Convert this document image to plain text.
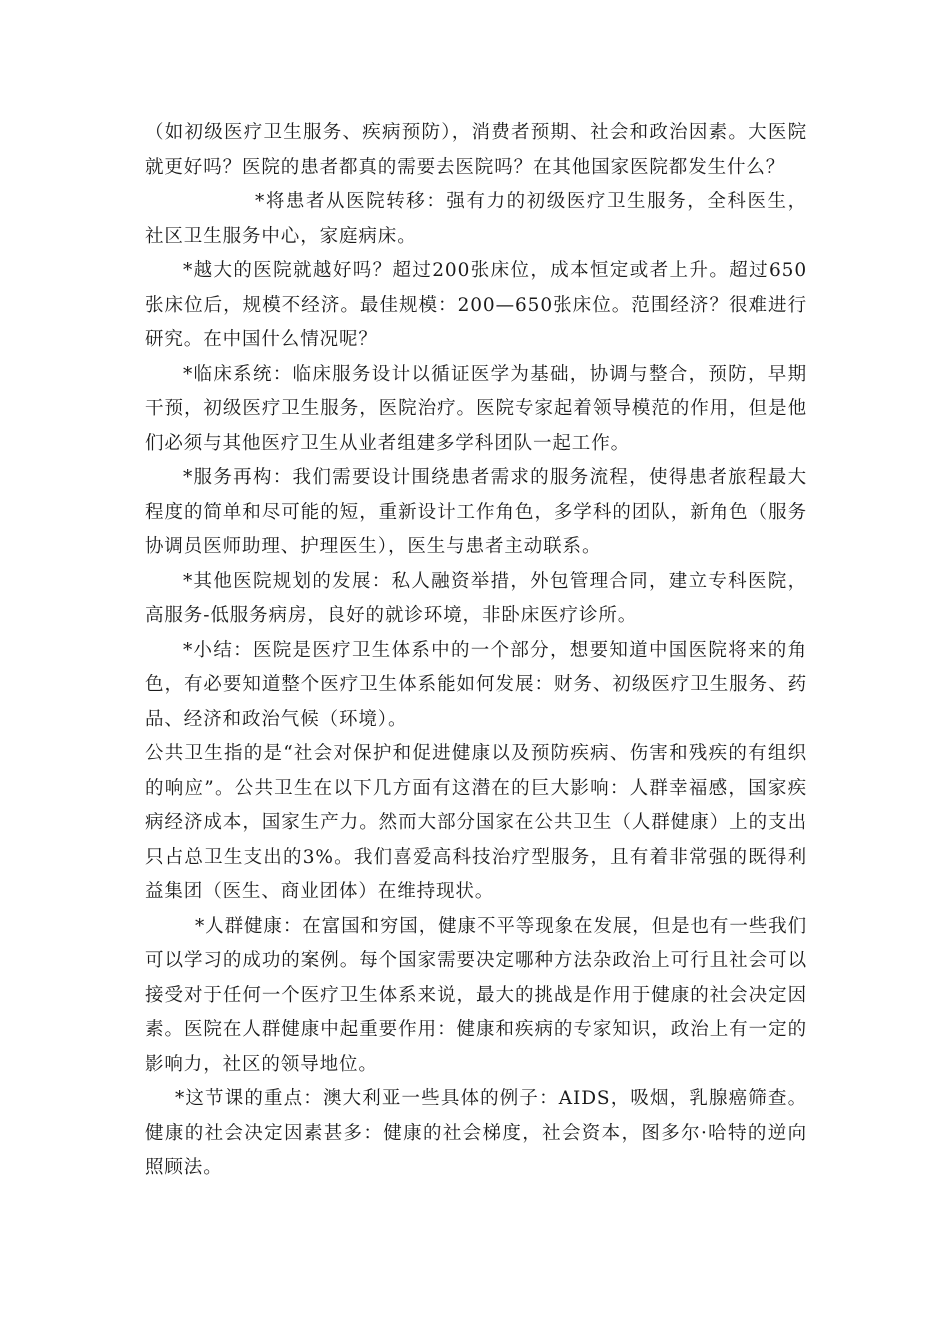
（如初级医疗卫生服务、疾病预防），消费者预期、社会和政治因素。大医院就更好吗？医院的患者都真的需要去医院吗？在其他国家医院都发生什么？

*将患者从医院转移：强有力的初级医疗卫生服务，全科医生，社区卫生服务中心，家庭病床。

*越大的医院就越好吗？超过200张床位，成本恒定或者上升。超过650张床位后，规模不经济。最佳规模：200—650张床位。范围经济？很难进行研究。在中国什么情况呢？

*临床系统：临床服务设计以循证医学为基础，协调与整合，预防，早期干预，初级医疗卫生服务，医院治疗。医院专家起着领导模范的作用，但是他们必须与其他医疗卫生从业者组建多学科团队一起工作。

*服务再构：我们需要设计围绕患者需求的服务流程，使得患者旅程最大程度的简单和尽可能的短，重新设计工作角色，多学科的团队，新角色（服务协调员医师助理、护理医生），医生与患者主动联系。

*其他医院规划的发展：私人融资举措，外包管理合同，建立专科医院，高服务-低服务病房，良好的就诊环境，非卧床医疗诊所。

*小结：医院是医疗卫生体系中的一个部分，想要知道中国医院将来的角色，有必要知道整个医疗卫生体系能如何发展：财务、初级医疗卫生服务、药品、经济和政治气候（环境）。

公共卫生指的是“社会对保护和促进健康以及预防疾病、伤害和残疾的有组织的响应”。公共卫生在以下几方面有这潜在的巨大影响：人群幸福感，国家疾病经济成本，国家生产力。然而大部分国家在公共卫生（人群健康）上的支出只占总卫生支出的3%。我们喜爱高科技治疗型服务，且有着非常强的既得利益集团（医生、商业团体）在维持现状。

*人群健康：在富国和穷国，健康不平等现象在发展，但是也有一些我们可以学习的成功的案例。每个国家需要决定哪种方法杂政治上可行且社会可以接受对于任何一个医疗卫生体系来说，最大的挑战是作用于健康的社会决定因素。医院在人群健康中起重要作用：健康和疾病的专家知识，政治上有一定的影响力，社区的领导地位。

*这节课的重点：澳大利亚一些具体的例子：AIDS，吸烟，乳腺癌筛查。健康的社会决定因素甚多：健康的社会梯度，社会资本，图多尔·哈特的逆向照顾法。
